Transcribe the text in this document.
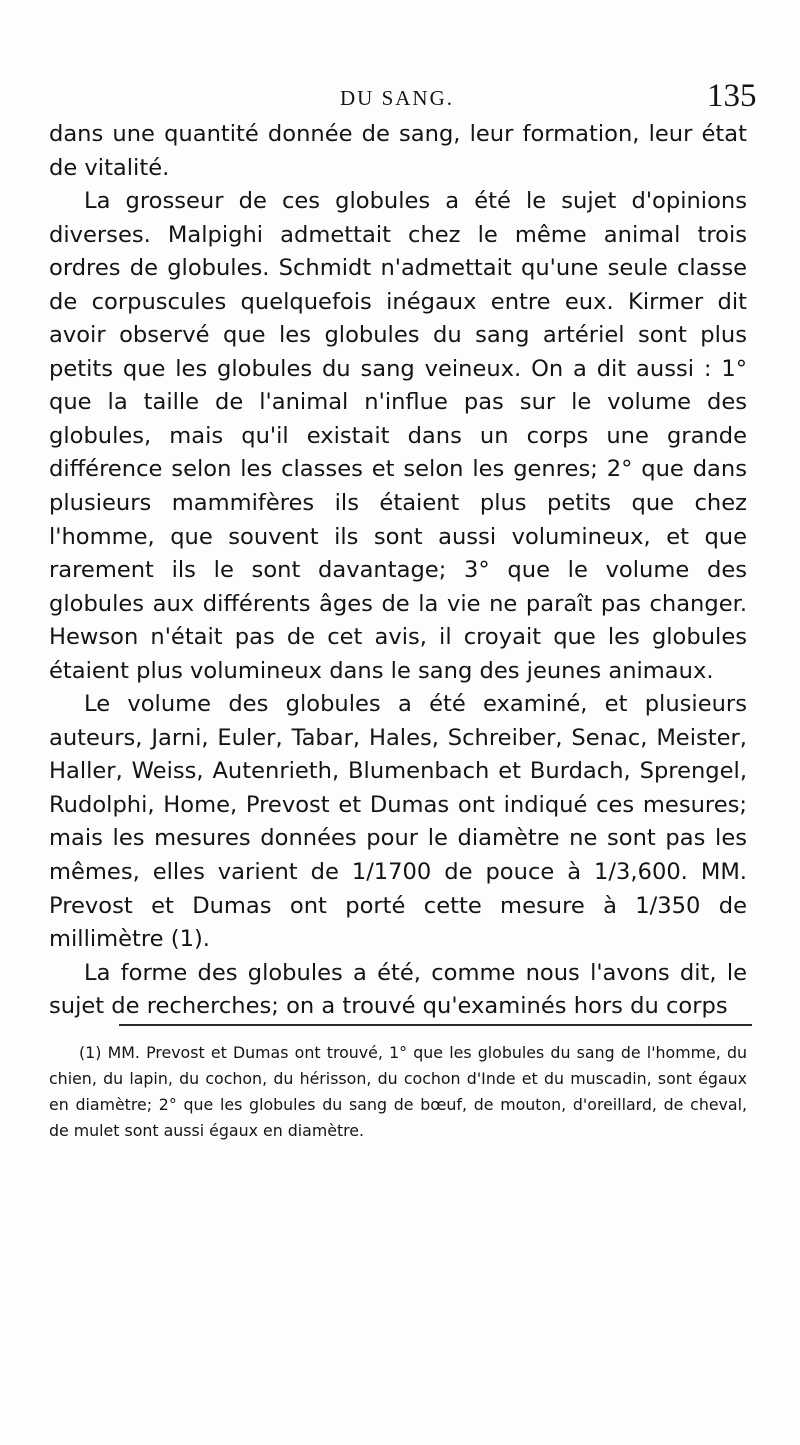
DU SANG.	135

dans une quantité donnée de sang, leur formation, leur état de vitalité.

La grosseur de ces globules a été le sujet d'opinions diverses. Malpighi admettait chez le même animal trois ordres de globules. Schmidt n'admettait qu'une seule classe de corpuscules quelquefois inégaux entre eux. Kirmer dit avoir observé que les globules du sang artériel sont plus petits que les globules du sang veineux. On a dit aussi : 1° que la taille de l'animal n'influe pas sur le volume des globules, mais qu'il existait dans un corps une grande différence selon les classes et selon les genres; 2° que dans plusieurs mammifères ils étaient plus petits que chez l'homme, que souvent ils sont aussi volumineux, et que rarement ils le sont davantage; 3° que le volume des globules aux différents âges de la vie ne paraît pas changer. Hewson n'était pas de cet avis, il croyait que les globules étaient plus volumineux dans le sang des jeunes animaux.

Le volume des globules a été examiné, et plusieurs auteurs, Jarni, Euler, Tabar, Hales, Schreiber, Senac, Meister, Haller, Weiss, Autenrieth, Blumenbach et Burdach, Sprengel, Rudolphi, Home, Prevost et Dumas ont indiqué ces mesures; mais les mesures données pour le diamètre ne sont pas les mêmes, elles varient de 1/1700 de pouce à 1/3,600. MM. Prevost et Dumas ont porté cette mesure à 1/350 de millimètre (1).

La forme des globules a été, comme nous l'avons dit, le sujet de recherches; on a trouvé qu'examinés hors du corps

(1) MM. Prevost et Dumas ont trouvé, 1° que les globules du sang de l'homme, du chien, du lapin, du cochon, du hérisson, du cochon d'Inde et du muscadin, sont égaux en diamètre; 2° que les globules du sang de bœuf, de mouton, d'oreillard, de cheval, de mulet sont aussi égaux en diamètre.
